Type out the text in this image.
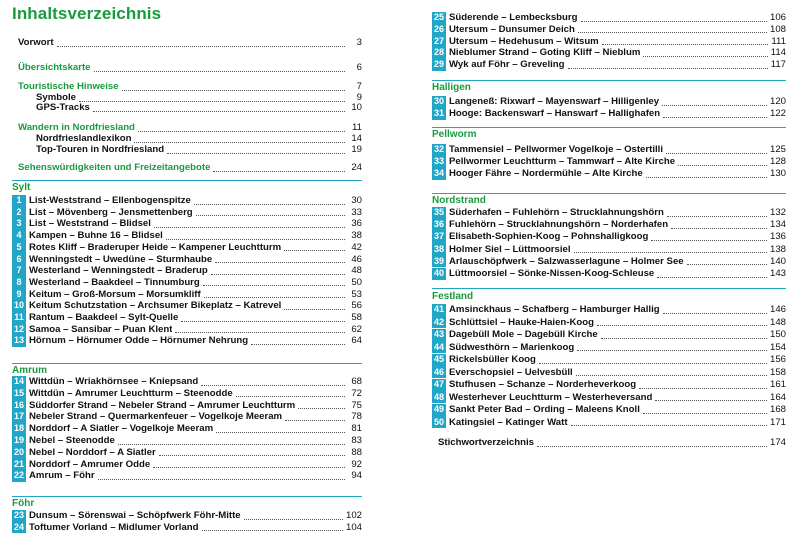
Inhaltsverzeichnis
Vorwort	3
Übersichtskarte	6
Touristische Hinweise	7
Symbole	9
GPS-Tracks	10
Wandern in Nordfriesland	11
Nordfrieslandlexikon	14
Top-Touren in Nordfriesland	19
Sehenswürdigkeiten und Freizeitangebote	24
Sylt
1 List-Weststrand – Ellenbogenspitze	30
2 List – Mövenberg – Jensmettenberg	33
3 List – Weststrand – Blidsel	36
4 Kampen – Buhne 16 – Blidsel	38
5 Rotes Kliff – Braderuper Heide – Kampener Leuchtturm	42
6 Wenningstedt – Uwedüne – Sturmhaube	46
7 Westerland – Wenningstedt – Braderup	48
8 Westerland – Baakdeel – Tinnumburg	50
9 Keitum – Groß-Morsum – Morsumkliff	53
10 Keitum Schutzstation – Archsumer Bikeplatz – Katrevel	56
11 Rantum – Baakdeel – Sylt-Quelle	58
12 Samoa – Sansibar – Puan Klent	62
13 Hörnum – Hörnumer Odde – Hörnumer Nehrung	64
Amrum
14 Wittdün – Wriakhörnsee – Kniepsand	68
15 Wittdün – Amrumer Leuchtturm – Steenodde	72
16 Süddorfer Strand – Nebeler Strand – Amrumer Leuchtturm	75
17 Nebeler Strand – Quermarkenfeuer – Vogelkoje Meeram	78
18 Norddorf – A Siatler – Vogelkoje Meeram	81
19 Nebel – Steenodde	83
20 Nebel – Norddorf – A Siatler	88
21 Norddorf – Amrumer Odde	92
22 Amrum – Föhr	94
Föhr
23 Dunsum – Sörenswai – Schöpfwerk Föhr-Mitte	102
24 Toftumer Vorland – Midlumer Vorland	104
25 Süderende – Lembecksburg	106
26 Utersum – Dunsumer Deich	108
27 Utersum – Hedehusum – Witsum	111
28 Nieblumer Strand – Goting Kliff – Nieblum	114
29 Wyk auf Föhr – Greveling	117
Halligen
30 Langeneß: Rixwarf – Mayenswarf – Hilligenley	120
31 Hooge: Backenswarf – Hanswarf – Hallighafen	122
Pellworm
32 Tammensiel – Pellwormer Vogelkoje – Ostertilli	125
33 Pellwormer Leuchtturm – Tammwarf – Alte Kirche	128
34 Hooger Fähre – Nordermühle – Alte Kirche	130
Nordstrand
35 Süderhafen – Fuhlehörn – Strucklahnungshörn	132
36 Fuhlehörn – Strucklahnungshörn – Norderhafen	134
37 Elisabeth-Sophien-Koog – Pohnshalligkoog	136
38 Holmer Siel – Lüttmoorsiel	138
39 Arlauschöpfwerk – Salzwasserlagune – Holmer See	140
40 Lüttmoorsiel – Sönke-Nissen-Koog-Schleuse	143
Festland
41 Amsinckhaus – Schafberg – Hamburger Hallig	146
42 Schlüttsiel – Hauke-Haien-Koog	148
43 Dagebüll Mole – Dagebüll Kirche	150
44 Südwesthörn – Marienkoog	154
45 Rickelsbüller Koog	156
46 Everschopsiel – Uelvesbüll	158
47 Stufhusen – Schanze – Norderheverkoog	161
48 Westerhever Leuchtturm – Westerheversand	164
49 Sankt Peter Bad – Ording – Maleens Knoll	168
50 Katingsiel – Katinger Watt	171
Stichwortverzeichnis	174
